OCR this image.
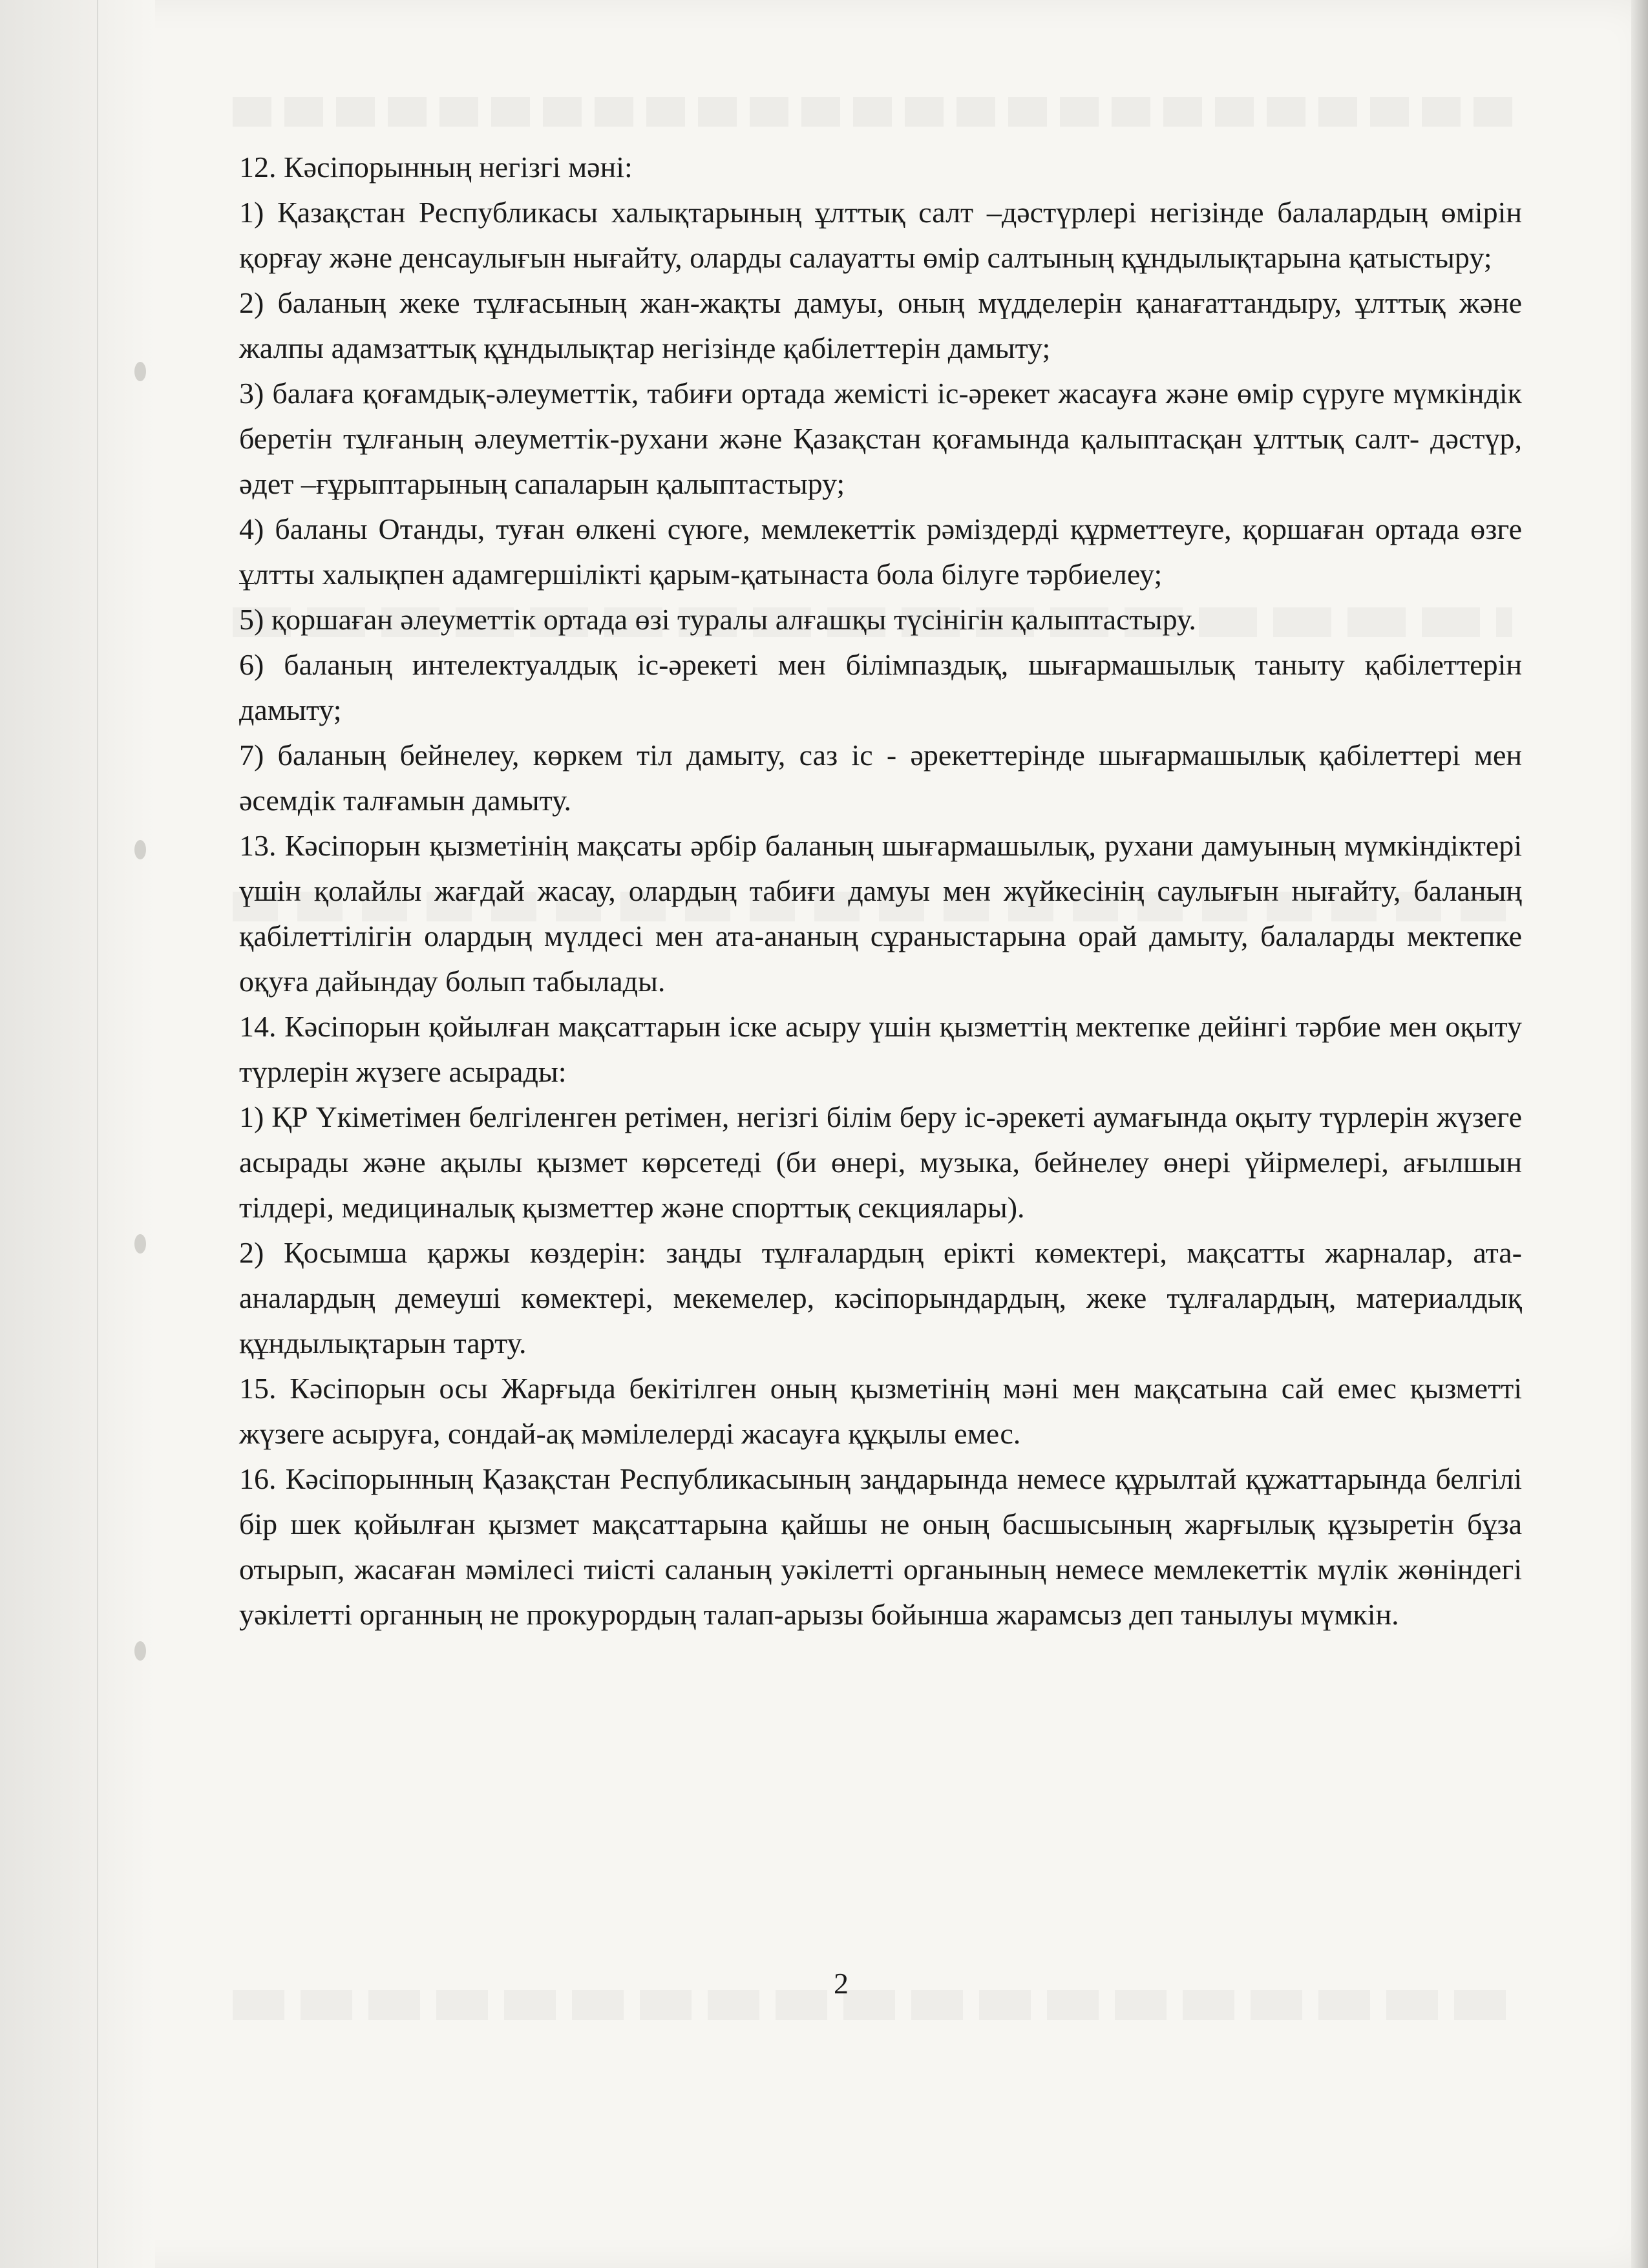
12. Кәсіпорынның негізгі мәні:

1) Қазақстан Республикасы халықтарының ұлттық салт –дәстүрлері негізінде балалардың өмірін қорғау және денсаулығын нығайту, оларды салауатты өмір салтының құндылықтарына қатыстыру;

2) баланың жеке тұлғасының жан-жақты дамуы, оның мүдделерін қанағаттандыру, ұлттық және жалпы адамзаттық құндылықтар негізінде қабілеттерін дамыту;

3) балаға қоғамдық-әлеуметтік, табиғи ортада жемісті іс-әрекет жасауға және өмір сүруге мүмкіндік беретін тұлғаның әлеуметтік-рухани және Қазақстан қоғамында қалыптасқан ұлттық салт- дәстүр, әдет –ғұрыптарының сапаларын қалыптастыру;

4) баланы Отанды, туған өлкені сүюге, мемлекеттік рәміздерді құрметтеуге, қоршаған ортада өзге ұлтты халықпен адамгершілікті қарым-қатынаста бола білуге тәрбиелеу;

5) қоршаған әлеуметтік ортада өзі туралы алғашқы түсінігін қалыптастыру.

6) баланың интелектуалдық іс-әрекеті мен білімпаздық, шығармашылық таныту қабілеттерін дамыту;

7) баланың бейнелеу, көркем тіл дамыту, саз іс - әрекеттерінде шығармашылық қабілеттері мен әсемдік талғамын дамыту.

13. Кәсіпорын қызметінің мақсаты әрбір баланың шығармашылық, рухани дамуының мүмкіндіктері үшін қолайлы жағдай жасау, олардың табиғи дамуы мен жүйкесінің саулығын нығайту, баланың қабілеттілігін олардың мүлдесі мен ата-ананың сұраныстарына орай дамыту, балаларды мектепке оқуға дайындау болып табылады.

14. Кәсіпорын қойылған мақсаттарын іске асыру үшін қызметтің мектепке дейінгі тәрбие мен оқыту түрлерін жүзеге асырады:

1) ҚР Үкіметімен белгіленген ретімен, негізгі білім беру іс-әрекеті аумағында оқыту түрлерін жүзеге асырады және ақылы қызмет көрсетеді (би өнері, музыка, бейнелеу өнері үйірмелері, ағылшын тілдері, медициналық қызметтер және спорттық секциялары).

2) Қосымша қаржы көздерін: заңды тұлғалардың ерікті көмектері, мақсатты жарналар, ата-аналардың демеуші көмектері, мекемелер, кәсіпорындардың, жеке тұлғалардың, материалдық құндылықтарын тарту.

15. Кәсіпорын осы Жарғыда бекітілген оның қызметінің мәні мен мақсатына сай емес қызметті жүзеге асыруға, сондай-ақ мәмілелерді жасауға құқылы емес.

16. Кәсіпорынның Қазақстан Республикасының заңдарында немесе құрылтай құжаттарында белгілі бір шек қойылған қызмет мақсаттарына қайшы не оның басшысының жарғылық құзыретін бұза отырып, жасаған мәмілесі тиісті саланың уәкілетті органының немесе мемлекеттік мүлік жөніндегі уәкілетті органның не прокурордың талап-арызы бойынша жарамсыз деп танылуы мүмкін.

2
